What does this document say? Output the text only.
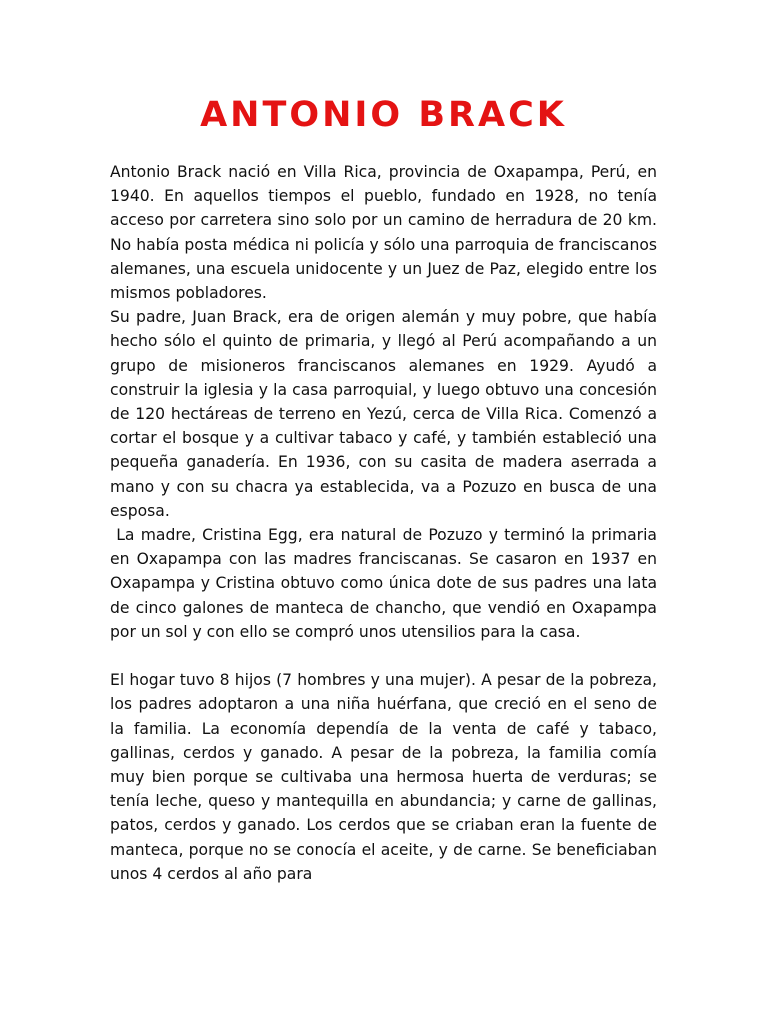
ANTONIO BRACK

Antonio Brack nació en Villa Rica, provincia de Oxapampa, Perú, en 1940. En aquellos tiempos el pueblo, fundado en 1928, no tenía acceso por carretera sino solo por un camino de herradura de 20 km. No había posta médica ni policía y sólo una parroquia de franciscanos alemanes, una escuela unidocente y un Juez de Paz, elegido entre los mismos pobladores.

Su padre, Juan Brack, era de origen alemán y muy pobre, que había hecho sólo el quinto de primaria, y llegó al Perú acompañando a un grupo de misioneros franciscanos alemanes en 1929. Ayudó a construir la iglesia y la casa parroquial, y luego obtuvo una concesión de 120 hectáreas de terreno en Yezú, cerca de Villa Rica. Comenzó a cortar el bosque y a cultivar tabaco y café, y también estableció una pequeña ganadería. En 1936, con su casita de madera aserrada a mano y con su chacra ya establecida, va a Pozuzo en busca de una esposa.

La madre, Cristina Egg, era natural de Pozuzo y terminó la primaria en Oxapampa con las madres franciscanas. Se casaron en 1937 en Oxapampa y Cristina obtuvo como única dote de sus padres una lata de cinco galones de manteca de chancho, que vendió en Oxapampa por un sol y con ello se compró unos utensilios para la casa.

El hogar tuvo 8 hijos (7 hombres y una mujer). A pesar de la pobreza, los padres adoptaron a una niña huérfana, que creció en el seno de la familia. La economía dependía de la venta de café y tabaco, gallinas, cerdos y ganado. A pesar de la pobreza, la familia comía muy bien porque se cultivaba una hermosa huerta de verduras; se tenía leche, queso y mantequilla en abundancia; y carne de gallinas, patos, cerdos y ganado. Los cerdos que se criaban eran la fuente de manteca, porque no se conocía el aceite, y de carne. Se beneficiaban unos 4 cerdos al año para
